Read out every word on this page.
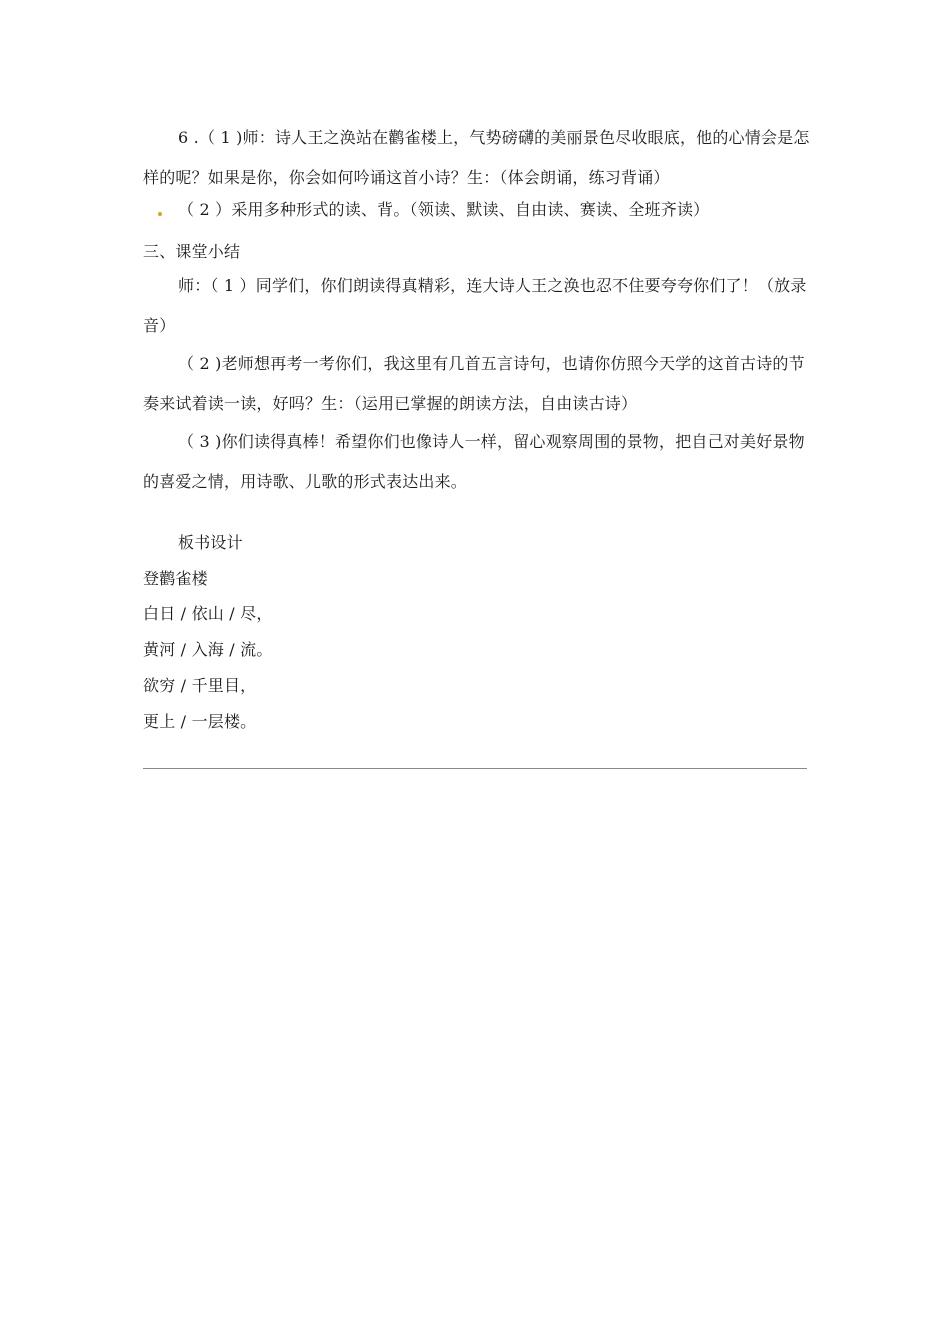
6 .（ 1 )师：诗人王之涣站在鹳雀楼上，气势磅礴的美丽景色尽收眼底，他的心情会是怎
样的呢？如果是你，你会如何吟诵这首小诗？生：（体会朗诵，练习背诵）
（ 2 ）采用多种形式的读、背。（领读、默读、自由读、赛读、全班齐读）
三、课堂小结
师：（ 1 ）同学们，你们朗读得真精彩，连大诗人王之涣也忍不住要夸夸你们了！（放录
音）
（ 2 )老师想再考一考你们，我这里有几首五言诗句，也请你仿照今天学的这首古诗的节
奏来试着读一读，好吗？生：（运用已掌握的朗读方法，自由读古诗）
（ 3 )你们读得真棒！希望你们也像诗人一样，留心观察周围的景物，把自己对美好景物
的喜爱之情，用诗歌、儿歌的形式表达出来。
板书设计
登鹳雀楼
白日 / 依山 / 尽，
黄河 / 入海 / 流。
欲穷 / 千里目，
更上 / 一层楼。
